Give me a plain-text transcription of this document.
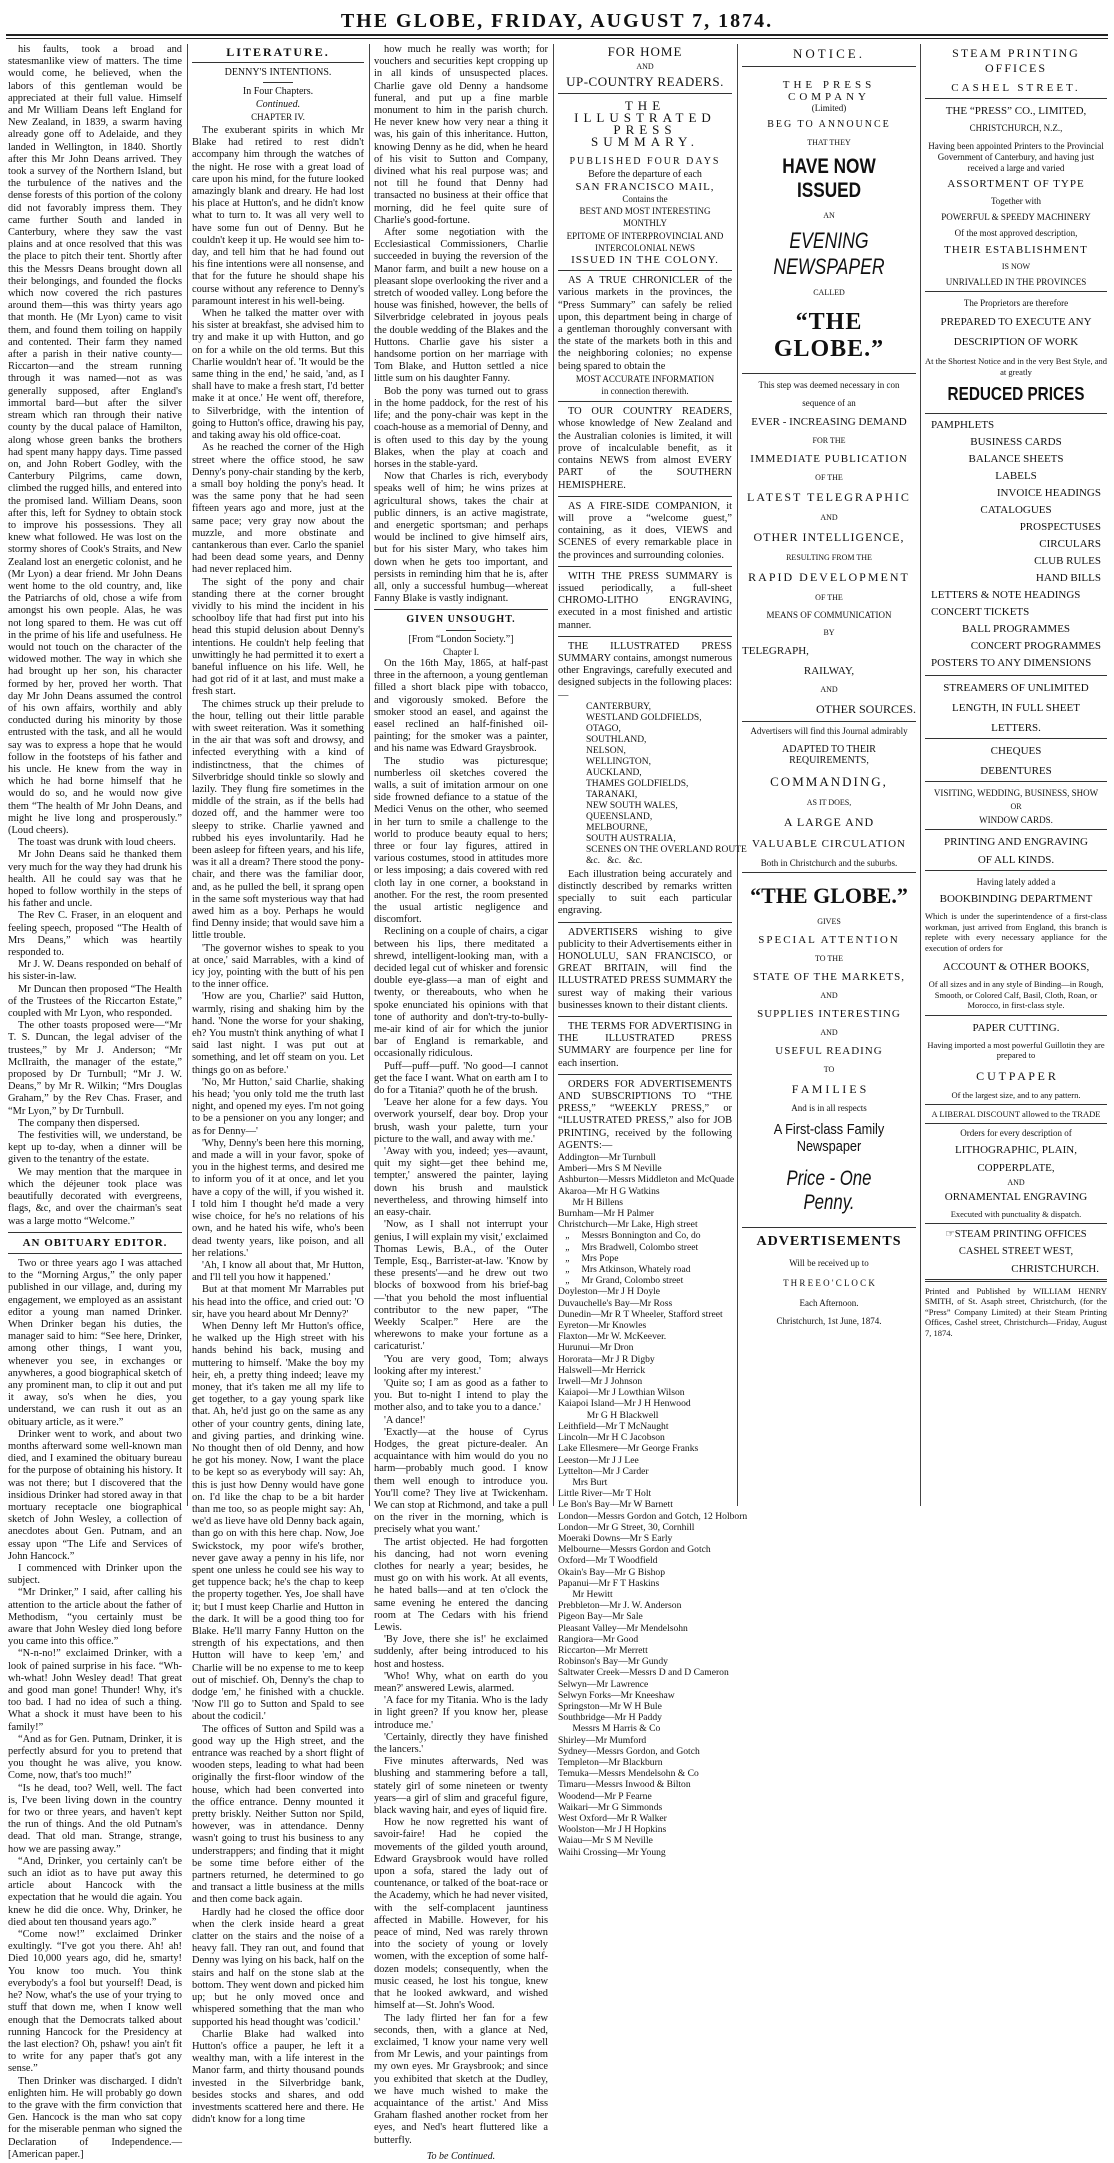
THE GLOBE, FRIDAY, AUGUST 7, 1874.

his faults, took a broad and statesmanlike view of matters. The time would come, he believed, when the labors of this gentleman would be appreciated at their full value. Himself and Mr William Deans left England for New Zealand, in 1839, a swarm having already gone off to Adelaide, and they landed in Wellington, in 1840. Shortly after this Mr John Deans arrived. They took a survey of the Northern Island, but the turbulence of the natives and the dense forests of this portion of the colony did not favorably impress them. They came further South and landed in Canterbury, where they saw the vast plains and at once resolved that this was the place to pitch their tent. Shortly after this the Messrs Deans brought down all their belongings, and founded the flocks which now covered the rich pastures around them—this was thirty years ago that month. He (Mr Lyon) came to visit them, and found them toiling on happily and contented. Their farm they named after a parish in their native county—Riccarton—and the stream running through it was named—not as was generally supposed, after England's immortal bard—but after the silver stream which ran through their native county by the ducal palace of Hamilton, along whose green banks the brothers had spent many happy days. Time passed on, and John Robert Godley, with the Canterbury Pilgrims, came down, climbed the rugged hills, and entered into the promised land. William Deans, soon after this, left for Sydney to obtain stock to improve his possessions. They all knew what followed. He was lost on the stormy shores of Cook's Straits, and New Zealand lost an energetic colonist, and he (Mr Lyon) a dear friend. Mr John Deans went home to the old country, and, like the Patriarchs of old, chose a wife from amongst his own people. Alas, he was not long spared to them. He was cut off in the prime of his life and usefulness. He would not touch on the character of the widowed mother. The way in which she had brought up her son, his character formed by her, proved her worth. That day Mr John Deans assumed the control of his own affairs, worthily and ably conducted during his minority by those entrusted with the task, and all he would say was to express a hope that he would follow in the footsteps of his father and his uncle. He knew from the way in which he had borne himself that he would do so, and he would now give them “The health of Mr John Deans, and might he live long and prosperously.” (Loud cheers).

The toast was drunk with loud cheers.

Mr John Deans said he thanked them very much for the way they had drunk his health. All he could say was that he hoped to follow worthily in the steps of his father and uncle.

The Rev C. Fraser, in an eloquent and feeling speech, proposed “The Health of Mrs Deans,” which was heartily responded to.

Mr J. W. Deans responded on behalf of his sister-in-law.

Mr Duncan then proposed “The Health of the Trustees of the Riccarton Estate,” coupled with Mr Lyon, who responded.

The other toasts proposed were—“Mr T. S. Duncan, the legal adviser of the trustees,” by Mr J. Anderson; “Mr McIlraith, the manager of the estate,” proposed by Dr Turnbull; “Mr J. W. Deans,” by Mr R. Wilkin; “Mrs Douglas Graham,” by the Rev Chas. Fraser, and “Mr Lyon,” by Dr Turnbull.

The company then dispersed.

The festivities will, we understand, be kept up to-day, when a dinner will be given to the tenantry of the estate.

We may mention that the marquee in which the déjeuner took place was beautifully decorated with evergreens, flags, &c, and over the chairman's seat was a large motto “Welcome.”

AN OBITUARY EDITOR.

Two or three years ago I was attached to the “Morning Argus,” the only paper published in our village, and, during my engagement, we employed as an assistant editor a young man named Drinker. When Drinker began his duties, the manager said to him: “See here, Drinker, among other things, I want you, whenever you see, in exchanges or anywheres, a good biographical sketch of any prominent man, to clip it out and put it away, so's when he dies, you understand, we can rush it out as an obituary article, as it were.”

Drinker went to work, and about two months afterward some well-known man died, and I examined the obituary bureau for the purpose of obtaining his history. It was not there; but I discovered that the insidious Drinker had stored away in that mortuary receptacle one biographical sketch of John Wesley, a collection of anecdotes about Gen. Putnam, and an essay upon “The Life and Services of John Hancock.”

I commenced with Drinker upon the subject.

“Mr Drinker,” I said, after calling his attention to the article about the father of Methodism, “you certainly must be aware that John Wesley died long before you came into this office.”

“N-n-no!” exclaimed Drinker, with a look of pained surprise in his face. “Wh-wh-what! John Wesley dead! That great and good man gone! Thunder! Why, it's too bad. I had no idea of such a thing. What a shock it must have been to his family!”

“And as for Gen. Putnam, Drinker, it is perfectly absurd for you to pretend that you thought he was alive, you know. Come, now, that's too much!”

“Is he dead, too? Well, well. The fact is, I've been living down in the country for two or three years, and haven't kept the run of things. And the old Putnam's dead. That old man. Strange, strange, how we are passing away.”

“And, Drinker, you certainly can't be such an idiot as to have put away this article about Hancock with the expectation that he would die again. You knew he did die once. Why, Drinker, he died about ten thousand years ago.”

“Come now!” exclaimed Drinker exultingly. “I've got you there. Ah! ah! Died 10,000 years ago, did he, smarty! You know too much. You think everybody's a fool but yourself! Dead, is he? Now, what's the use of your trying to stuff that down me, when I know well enough that the Democrats talked about running Hancock for the Presidency at the last election? Oh, pshaw! you ain't fit to write for any paper that's got any sense.”

Then Drinker was discharged. I didn't enlighten him. He will probably go down to the grave with the firm conviction that Gen. Hancock is the man who sat copy for the miserable penman who signed the Declaration of Independence.—[American paper.]

LITERATURE.
DENNY'S INTENTIONS.
In Four Chapters.
Continued.
CHAPTER IV.

The exuberant spirits in which Mr Blake had retired to rest didn't accompany him through the watches of the night. He rose with a great load of care upon his mind, for the future looked amazingly blank and dreary. He had lost his place at Hutton's, and he didn't know what to turn to. It was all very well to have some fun out of Denny. But he couldn't keep it up. He would see him to-day, and tell him that he had found out his fine intentions were all nonsense, and that for the future he should shape his course without any reference to Denny's paramount interest in his well-being.

When he talked the matter over with his sister at breakfast, she advised him to try and make it up with Hutton, and go on for a while on the old terms. But this Charlie wouldn't hear of. 'It would be the same thing in the end,' he said, 'and, as I shall have to make a fresh start, I'd better make it at once.' He went off, therefore, to Silverbridge, with the intention of going to Hutton's office, drawing his pay, and taking away his old office-coat.

As he reached the corner of the High street where the office stood, he saw Denny's pony-chair standing by the kerb, a small boy holding the pony's head. It was the same pony that he had seen fifteen years ago and more, just at the same pace; very gray now about the muzzle, and more obstinate and cantankerous than ever. Carlo the spaniel had been dead some years, and Denny had never replaced him.

The sight of the pony and chair standing there at the corner brought vividly to his mind the incident in his schoolboy life that had first put into his head this stupid delusion about Denny's intentions. He couldn't help feeling that unwittingly he had permitted it to exert a baneful influence on his life. Well, he had got rid of it at last, and must make a fresh start.

The chimes struck up their prelude to the hour, telling out their little parable with sweet reiteration. Was it something in the air that was soft and drowsy, and infected everything with a kind of indistinctness, that the chimes of Silverbridge should tinkle so slowly and lazily. They flung fire sometimes in the middle of the strain, as if the bells had dozed off, and the hammer were too sleepy to strike. Charlie yawned and rubbed his eyes involuntarily. Had he been asleep for fifteen years, and his life, was it all a dream? There stood the pony-chair, and there was the familiar door, and, as he pulled the bell, it sprang open in the same soft mysterious way that had awed him as a boy. Perhaps he would find Denny inside; that would save him a little trouble.

'The governor wishes to speak to you at once,' said Marrables, with a kind of icy joy, pointing with the butt of his pen to the inner office.

'How are you, Charlie?' said Hutton, warmly, rising and shaking him by the hand. 'None the worse for your shaking, eh? You mustn't think anything of what I said last night. I was put out at something, and let off steam on you. Let things go on as before.'

'No, Mr Hutton,' said Charlie, shaking his head; 'you only told me the truth last night, and opened my eyes. I'm not going to be a pensioner on you any longer; and as for Denny—'

'Why, Denny's been here this morning, and made a will in your favor, spoke of you in the highest terms, and desired me to inform you of it at once, and let you have a copy of the will, if you wished it. I told him I thought he'd made a very wise choice, for he's no relations of his own, and he hated his wife, who's been dead twenty years, like poison, and all her relations.'

'Ah, I know all about that, Mr Hutton, and I'll tell you how it happened.'

But at that moment Mr Marrables put his head into the office, and cried out: 'O sir, have you heard about Mr Denny?'

When Denny left Mr Hutton's office, he walked up the High street with his hands behind his back, musing and muttering to himself. 'Make the boy my heir, eh, a pretty thing indeed; leave my money, that it's taken me all my life to get together, to a gay young spark like that. Ah, he'd just go on the same as any other of your country gents, dining late, and giving parties, and drinking wine. No thought then of old Denny, and how he got his money. Now, I want the place to be kept so as everybody will say: Ah, this is just how Denny would have gone on. I'd like the chap to be a bit harder than me too, so as people might say: Ah, we'd as lieve have old Denny back again, than go on with this here chap. Now, Joe Swickstock, my poor wife's brother, never gave away a penny in his life, nor spent one unless he could see his way to get tuppence back; he's the chap to keep the property together. Yes, Joe shall have it; but I must keep Charlie and Hutton in the dark. It will be a good thing too for Blake. He'll marry Fanny Hutton on the strength of his expectations, and then Hutton will have to keep 'em,' and Charlie will be no expense to me to keep out of mischief. Oh, Denny's the chap to dodge 'em,' he finished with a chuckle. 'Now I'll go to Sutton and Spald to see about the codicil.'

The offices of Sutton and Spild was a good way up the High street, and the entrance was reached by a short flight of wooden steps, leading to what had been originally the first-floor window of the house, which had been converted into the office entrance. Denny mounted it pretty briskly. Neither Sutton nor Spild, however, was in attendance. Denny wasn't going to trust his business to any understrappers; and finding that it might be some time before either of the partners returned, he determined to go and transact a little business at the mills and then come back again.

Hardly had he closed the office door when the clerk inside heard a great clatter on the stairs and the noise of a heavy fall. They ran out, and found that Denny was lying on his back, half on the stairs and half on the stone slab at the bottom. They went down and picked him up; but he only moved once and whispered something that the man who supported his head thought was 'codicil.'

Charlie Blake had walked into Hutton's office a pauper, he left it a wealthy man, with a life interest in the Manor farm, and thirty thousand pounds invested in the Silverbridge bank, besides stocks and shares, and odd investments scattered here and there. He didn't know for a long time

how much he really was worth; for vouchers and securities kept cropping up in all kinds of unsuspected places. Charlie gave old Denny a handsome funeral, and put up a fine marble monument to him in the parish church. He never knew how very near a thing it was, his gain of this inheritance. Hutton, knowing Denny as he did, when he heard of his visit to Sutton and Company, divined what his real purpose was; and not till he found that Denny had transacted no business at their office that morning, did he feel quite sure of Charlie's good-fortune.

After some negotiation with the Ecclesiastical Commissioners, Charlie succeeded in buying the reversion of the Manor farm, and built a new house on a pleasant slope overlooking the river and a stretch of wooded valley. Long before the house was finished, however, the bells of Silverbridge celebrated in joyous peals the double wedding of the Blakes and the Huttons. Charlie gave his sister a handsome portion on her marriage with Tom Blake, and Hutton settled a nice little sum on his daughter Fanny.

Bob the pony was turned out to grass in the home paddock, for the rest of his life; and the pony-chair was kept in the coach-house as a memorial of Denny, and is often used to this day by the young Blakes, when the play at coach and horses in the stable-yard.

Now that Charles is rich, everybody speaks well of him; he wins prizes at agricultural shows, takes the chair at public dinners, is an active magistrate, and energetic sportsman; and perhaps would be inclined to give himself airs, but for his sister Mary, who takes him down when he gets too important, and persists in reminding him that he is, after all, only a successful humbug—whereat Fanny Blake is vastly indignant.

GIVEN UNSOUGHT.
[From “London Society.”]
Chapter I.

On the 16th May, 1865, at half-past three in the afternoon, a young gentleman filled a short black pipe with tobacco, and vigorously smoked. Before the smoker stood an easel, and against the easel reclined an half-finished oil-painting; for the smoker was a painter, and his name was Edward Graysbrook.

The studio was picturesque; numberless oil sketches covered the walls, a suit of imitation armour on one side frowned defiance to a statue of the Medici Venus on the other, who seemed in her turn to smile a challenge to the world to produce beauty equal to hers; three or four lay figures, attired in various costumes, stood in attitudes more or less imposing; a dais covered with red cloth lay in one corner, a bookstand in another. For the rest, the room presented the usual artistic negligence and discomfort.

Reclining on a couple of chairs, a cigar between his lips, there meditated a shrewd, intelligent-looking man, with a decided legal cut of whisker and forensic double eye-glass—a man of eight and twenty, or thereabouts, who when he spoke enunciated his opinions with that tone of authority and don't-try-to-bully-me-air kind of air for which the junior bar of England is remarkable, and occasionally ridiculous.

Puff—puff—puff. 'No good—I cannot get the face I want. What on earth am I to do for a Titania?' quoth he of the brush.

'Leave her alone for a few days. You overwork yourself, dear boy. Drop your brush, wash your palette, turn your picture to the wall, and away with me.'

'Away with you, indeed; yes—avaunt, quit my sight—get thee behind me, tempter,' answered the painter, laying down his brush and maulstick nevertheless, and throwing himself into an easy-chair.

'Now, as I shall not interrupt your genius, I will explain my visit,' exclaimed Thomas Lewis, B.A., of the Outer Temple, Esq., Barrister-at-law. 'Know by these presents'—and he drew out two blocks of boxwood from his brief-bag—'that you behold the most influential contributor to the new paper, “The Weekly Scalper.” Here are the wherewons to make your fortune as a caricaturist.'

'You are very good, Tom; always looking after my interest.'

'Quite so; I am as good as a father to you. But to-night I intend to play the mother also, and to take you to a dance.'

'A dance!'

'Exactly—at the house of Cyrus Hodges, the great picture-dealer. An acquaintance with him would do you no harm—probably much good. I know them well enough to introduce you. You'll come? They live at Twickenham. We can stop at Richmond, and take a pull on the river in the morning, which is precisely what you want.'

The artist objected. He had forgotten his dancing, had not worn evening clothes for nearly a year; besides, he must go on with his work. At all events, he hated balls—and at ten o'clock the same evening he entered the dancing room at The Cedars with his friend Lewis.

'By Jove, there she is!' he exclaimed suddenly, after being introduced to his host and hostess.

'Who! Why, what on earth do you mean?' answered Lewis, alarmed.

'A face for my Titania. Who is the lady in light green? If you know her, please introduce me.'

'Certainly, directly they have finished the lancers.'

Five minutes afterwards, Ned was blushing and stammering before a tall, stately girl of some nineteen or twenty years—a girl of slim and graceful figure, black waving hair, and eyes of liquid fire.

How he now regretted his want of savoir-faire! Had he copied the movements of the gilded youth around, Edward Graysbrook would have rolled upon a sofa, stared the lady out of countenance, or talked of the boat-race or the Academy, which he had never visited, with the self-complacent jauntiness affected in Mabille. However, for his peace of mind, Ned was rarely thrown into the society of young or lovely women, with the exception of some half-dozen models; consequently, when the music ceased, he lost his tongue, knew that he looked awkward, and wished himself at—St. John's Wood.

The lady flirted her fan for a few seconds, then, with a glance at Ned, exclaimed, 'I know your name very well from Mr Lewis, and your paintings from my own eyes. Mr Graysbrook; and since you exhibited that sketch at the Dudley, we have much wished to make the acquaintance of the artist.' And Miss Graham flashed another rocket from her eyes, and Ned's heart fluttered like a butterfly.

To be Continued.
FOR HOME
AND
UP-COUNTRY READERS.
THE ILLUSTRATED
PRESS SUMMARY.
PUBLISHED FOUR DAYS
Before the departure of each
SAN FRANCISCO MAIL,
Contains the
BEST AND MOST INTERESTING
MONTHLY
EPITOME OF INTERPROVINCIAL AND
INTERCOLONIAL NEWS
ISSUED IN THE COLONY.

AS A TRUE CHRONICLER of the various markets in the provinces, the “Press Summary” can safely be relied upon, this department being in charge of a gentleman thoroughly conversant with the state of the markets both in this and the neighboring colonies; no expense being spared to obtain the

MOST ACCURATE INFORMATION
in connection therewith.

TO OUR COUNTRY READERS, whose knowledge of New Zealand and the Australian colonies is limited, it will prove of incalculable benefit, as it contains NEWS from almost EVERY PART of the SOUTHERN HEMISPHERE.

AS A FIRE-SIDE COMPANION, it will prove a “welcome guest,” containing, as it does, VIEWS and SCENES of every remarkable place in the provinces and surrounding colonies.

WITH THE PRESS SUMMARY is issued periodically, a full-sheet CHROMO-LITHO ENGRAVING, executed in a most finished and artistic manner.

THE ILLUSTRATED PRESS SUMMARY contains, amongst numerous other Engravings, carefully executed and designed subjects in the following places:—

CANTERBURY,
WESTLAND GOLDFIELDS,
OTAGO,
SOUTHLAND,
NELSON,
WELLINGTON,
AUCKLAND,
THAMES GOLDFIELDS,
TARANAKI,
NEW SOUTH WALES,
QUEENSLAND,
MELBOURNE,
SOUTH AUSTRALIA,
SCENES ON THE OVERLAND ROUTE
&c.   &c.   &c.

Each illustration being accurately and distinctly described by remarks written specially to suit each particular engraving.

ADVERTISERS wishing to give publicity to their Advertisements either in HONOLULU, SAN FRANCISCO, or GREAT BRITAIN, will find the ILLUSTRATED PRESS SUMMARY the surest way of making their various businesses known to their distant clients.

THE TERMS FOR ADVERTISING in THE ILLUSTRATED PRESS SUMMARY are fourpence per line for each insertion.

ORDERS FOR ADVERTISEMENTS AND SUBSCRIPTIONS TO “THE PRESS,” “WEEKLY PRESS,” or “ILLUSTRATED PRESS,” also for JOB PRINTING, received by the following AGENTS:—

Addington—Mr Turnbull
Amberi—Mrs S M Neville
Ashburton—Messrs Middleton and McQuade
Akaroa—Mr H G Watkins
Mr H Billens
Burnham—Mr H Palmer
Christchurch—Mr Lake, High street
„     Messrs Bonnington and Co, do
„     Mrs Bradwell, Colombo street
„     Mrs Pope
„     Mrs Atkinson, Whately road
„     Mr Grand, Colombo street
Doyleston—Mr J H Doyle
Duvauchelle's Bay—Mr Ross
Dunedin—Mr R T Wheeler, Stafford street
Eyreton—Mr Knowles
Flaxton—Mr W. McKeever.
Hurunui—Mr Dron
Hororata—Mr J R Digby
Halswell—Mr Herrick
Irwell—Mr J Johnson
Kaiapoi—Mr J Lowthian Wilson
Kaiapoi Island—Mr J H Henwood
Mr G H Blackwell
Leithfield—Mr T McNaught
Lincoln—Mr H C Jacobson
Lake Ellesmere—Mr George Franks
Leeston—Mr J J Lee
Lyttelton—Mr J Carder
Mrs Burt
Little River—Mr T Holt
Le Bon's Bay—Mr W Barnett
London—Messrs Gordon and Gotch, 12 Holborn
London—Mr G Street, 30, Cornhill
Moeraki Downs—Mr S Early
Melbourne—Messrs Gordon and Gotch
Oxford—Mr T Woodfield
Okain's Bay—Mr G Bishop
Papanui—Mr F T Haskins
Mr Hewitt
Prebbleton—Mr J. W. Anderson
Pigeon Bay—Mr Sale
Pleasant Valley—Mr Mendelsohn
Rangiora—Mr Good
Riccarton—Mr Merrett
Robinson's Bay—Mr Gundy
Saltwater Creek—Messrs D and D Cameron
Selwyn—Mr Lawrence
Selwyn Forks—Mr Kneeshaw
Springston—Mr W H Bule
Southbridge—Mr H Paddy
Messrs M Harris & Co
Shirley—Mr Mumford
Sydney—Messrs Gordon, and Gotch
Templeton—Mr Blackburn
Temuka—Messrs Mendelsohn & Co
Timaru—Messrs Inwood & Bilton
Woodend—Mr P Fearne
Waikari—Mr G Simmonds
West Oxford—Mr R Walker
Woolston—Mr J H Hopkins
Waiau—Mr S M Neville
Waihi Crossing—Mr Young
NOTICE.
THE PRESS COMPANY
(Limited)
BEG TO ANNOUNCE
THAT THEY
HAVE NOW ISSUED
AN
EVENING NEWSPAPER
CALLED
“THE GLOBE.”
This step was deemed necessary in con
sequence of an
EVER - INCREASING DEMAND
FOR THE
IMMEDIATE PUBLICATION
OF THE
LATEST TELEGRAPHIC
AND
OTHER INTELLIGENCE,
RESULTING FROM THE
RAPID DEVELOPMENT
OF THE
MEANS OF COMMUNICATION
BY
TELEGRAPH,
RAILWAY,
AND
OTHER SOURCES.
Advertisers will find this Journal admirably
ADAPTED TO THEIR REQUIREMENTS,
COMMANDING,
AS IT DOES,
A LARGE AND
VALUABLE CIRCULATION
Both in Christchurch and the suburbs.
“THE GLOBE.”
GIVES
SPECIAL ATTENTION
TO THE
STATE OF THE MARKETS,
AND
SUPPLIES INTERESTING
AND
USEFUL READING
TO
F A M I L I E S
And is in all respects
A First-class Family Newspaper
Price - One Penny.
ADVERTISEMENTS
Will be received up to
T H R E E O ' C L O C K
Each Afternoon.
Christchurch, 1st June, 1874.
STEAM PRINTING OFFICES
CASHEL STREET.
THE “PRESS” CO., LIMITED,
CHRISTCHURCH, N.Z.,
Having been appointed Printers to the Provincial Government of Canterbury, and having just received a large and varied
ASSORTMENT OF TYPE
Together with
POWERFUL & SPEEDY MACHINERY
Of the most approved description,
THEIR ESTABLISHMENT
IS NOW
UNRIVALLED IN THE PROVINCES
The Proprietors are therefore
PREPARED TO EXECUTE ANY
DESCRIPTION OF WORK
At the Shortest Notice and in the very Best Style, and at greatly
REDUCED PRICES
PAMPHLETS
BUSINESS CARDS
BALANCE SHEETS
LABELS
INVOICE HEADINGS
CATALOGUES
PROSPECTUSES
CIRCULARS
CLUB RULES
HAND BILLS
LETTERS & NOTE HEADINGS
CONCERT TICKETS
BALL PROGRAMMES
CONCERT PROGRAMMES
POSTERS TO ANY DIMENSIONS
STREAMERS OF UNLIMITED
LENGTH, IN FULL SHEET
LETTERS.
CHEQUES
DEBENTURES
VISITING, WEDDING, BUSINESS, SHOW
OR
WINDOW CARDS.
PRINTING AND ENGRAVING
OF ALL KINDS.
Having lately added a
BOOKBINDING DEPARTMENT
Which is under the superintendence of a first-class workman, just arrived from England, this branch is replete with every necessary appliance for the execution of orders for
ACCOUNT & OTHER BOOKS,
Of all sizes and in any style of Binding—in Rough, Smooth, or Colored Calf, Basil, Cloth, Roan, or Morocco, in first-class style.
PAPER CUTTING.
Having imported a most powerful Guillotin they are prepared to
C U T P A P E R
Of the largest size, and to any pattern.
A LIBERAL DISCOUNT allowed to the TRADE
Orders for every description of
LITHOGRAPHIC, PLAIN,
COPPERPLATE,
AND
ORNAMENTAL ENGRAVING
Executed with punctuality & dispatch.
☞STEAM PRINTING OFFICES
CASHEL STREET WEST,
CHRISTCHURCH.
Printed and Published by WILLIAM HENRY SMITH, of St. Asaph street, Christchurch, (for the “Press” Company Limited) at their Steam Printing Offices, Cashel street, Christchurch—Friday, August 7, 1874.
